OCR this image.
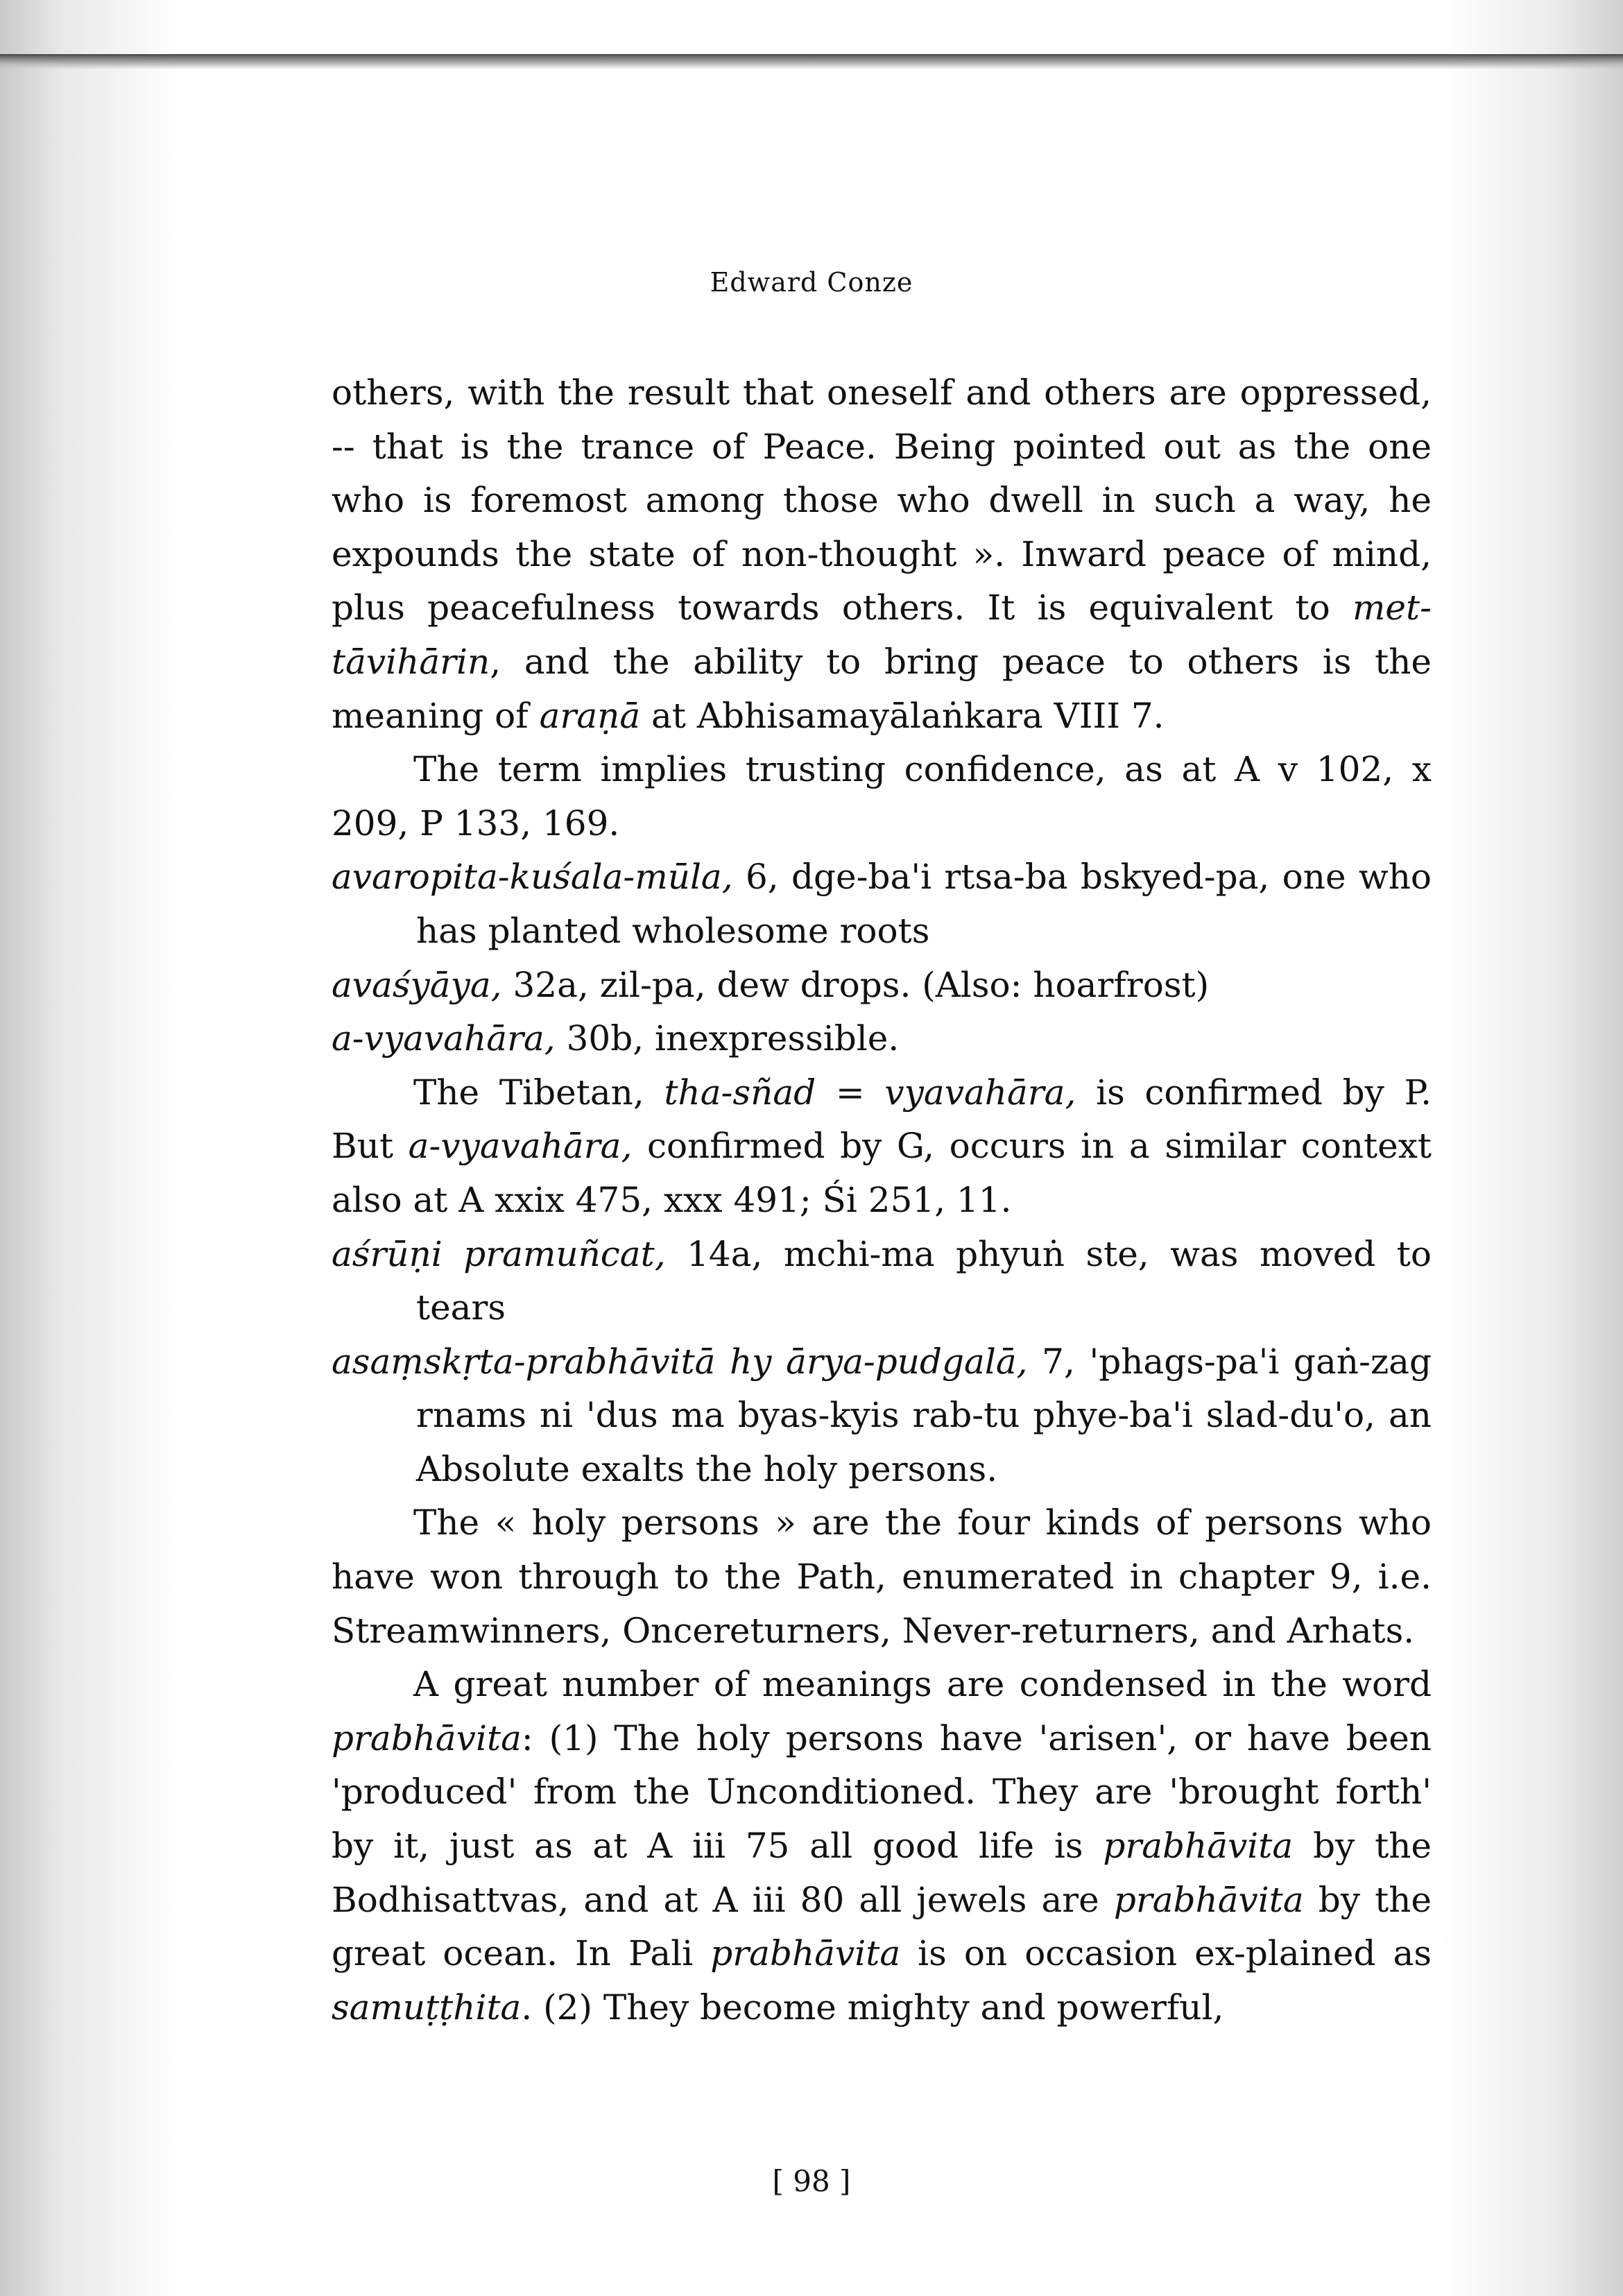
Edward Conze

others, with the result that oneself and others are oppressed, -- that is the trance of Peace. Being pointed out as the one who is foremost among those who dwell in such a way, he expounds the state of non-thought ». Inward peace of mind, plus peacefulness towards others. It is equivalent to met-tāvihārin, and the ability to bring peace to others is the meaning of araṇā at Abhisamayālaṅkara VIII 7.

The term implies trusting confidence, as at A v 102, x 209, P 133, 169.

avaropita-kuśala-mūla, 6, dge-ba'i rtsa-ba bskyed-pa, one who has planted wholesome roots

avaśyāya, 32a, zil-pa, dew drops. (Also: hoarfrost)

a-vyavahāra, 30b, inexpressible.

The Tibetan, tha-sñad = vyavahāra, is confirmed by P. But a-vyavahāra, confirmed by G, occurs in a similar context also at A xxix 475, xxx 491; Śi 251, 11.

aśrūṇi pramuñcat, 14a, mchi-ma phyuṅ ste, was moved to tears

asaṃskṛta-prabhāvitā hy ārya-pudgalā, 7, 'phags-pa'i gaṅ-zag rnams ni 'dus ma byas-kyis rab-tu phye-ba'i slad-du'o, an Absolute exalts the holy persons.

The « holy persons » are the four kinds of persons who have won through to the Path, enumerated in chapter 9, i.e. Streamwinners, Oncereturners, Never-returners, and Arhats.

A great number of meanings are condensed in the word prabhāvita: (1) The holy persons have 'arisen', or have been 'produced' from the Unconditioned. They are 'brought forth' by it, just as at A iii 75 all good life is prabhāvita by the Bodhisattvas, and at A iii 80 all jewels are prabhāvita by the great ocean. In Pali prabhāvita is on occasion ex-plained as samuṭṭhita. (2) They become mighty and powerful,

[ 98 ]
